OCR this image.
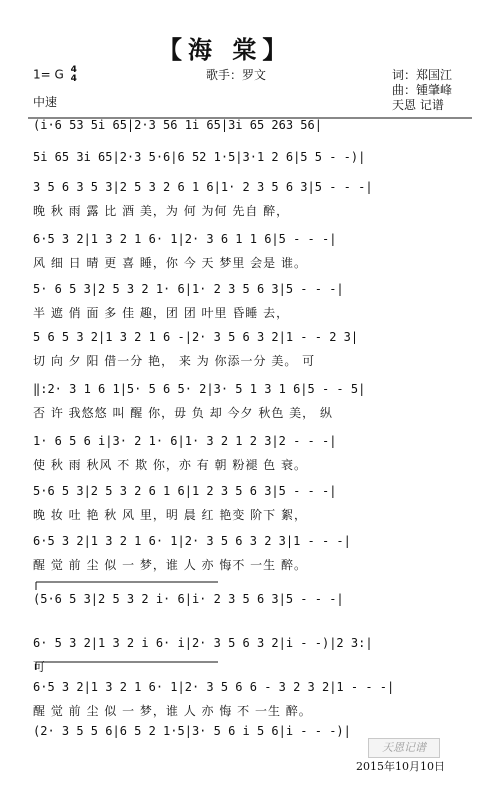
【海 棠】
歌手：罗文	词：郑国江
曲：锺肇峰
天恩 记谱
1= G 4
4
中速
(i·6 53 5i 65|2·3 56 1i 65|3i 65 263 56|
5i 65 3i 65|2·3 5·6|6 52 1·5|3·1 2 6|5 5 - -)|
3 5 6 3 5 3|2 5 3 2 6 1 6|1· 2 3 5 6 3|5 - - -|
晚 秋 雨 露 比 酒 美，为 何 为何 先自 醉，
6·5 3 2|1 3 2 1 6· 1|2· 3 6 1 1 6|5 - - -|
风 细 日 晴 更 喜 睡，你 今 天 梦里 会是 谁。
5· 6 5 3|2 5 3 2 1· 6|1· 2 3 5 6 3|5 - - -|
半 遮 俏 面 多 佳 趣，团 团 叶里 昏睡 去，
5 6 5 3 2|1 3 2 1 6 -|2· 3 5 6 3 2|1 - - 2 3|
切 向 夕 阳 借一分 艳， 来 为 你添一分 美。 可
‖:2· 3 1 6 1|5· 5 6 5· 2|3· 5 1 3 1 6|5 - - 5|
否 许 我悠悠 叫 醒 你，毋 负 却 今夕 秋色 美， 纵
1· 6 5 6 i|3· 2 1· 6|1· 3 2 1 2 3|2 - - -|
使 秋 雨 秋风 不 欺 你，亦 有 朝 粉褪 色 衰。
5·6 5 3|2 5 3 2 6 1 6|1 2 3 5 6 3|5 - - -|
晚 妆 吐 艳 秋 风 里，明 晨 红 艳变 阶下 絮，
6·5 3 2|1 3 2 1 6· 1|2· 3 5 6 3 2 3|1 - - -|
醒 觉 前 尘 似 一 梦，谁 人 亦 悔不 一生 醉。
(5·6 5 3|2 5 3 2 i· 6|i· 2 3 5 6 3|5 - - -|
6· 5 3 2|1 3 2 i 6· i|2· 3 5 6 3 2|i - -)|2 3:|
可
6·5 3 2|1 3 2 1 6· 1|2· 3 5 6 6 - 3 2 3 2|1 - - -|
醒 觉 前 尘 似 一 梦，谁 人 亦 悔 不 一生 醉。
(2· 3 5 5 6|6 5 2 1·5|3· 5 6 i 5 6|i - - -)|
天恩记谱
2015年10月10日
